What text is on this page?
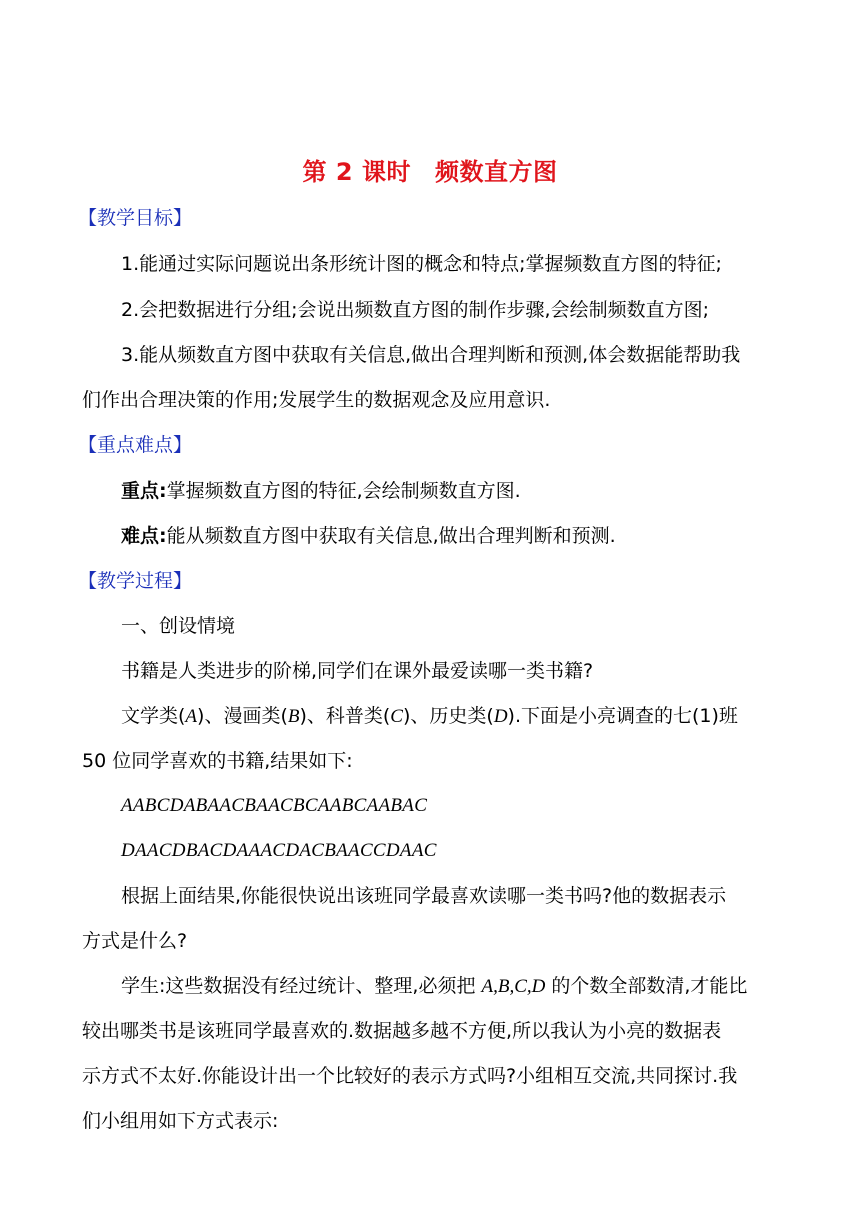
第 2 课时 频数直方图
【教学目标】
1.能通过实际问题说出条形统计图的概念和特点;掌握频数直方图的特征;
2.会把数据进行分组;会说出频数直方图的制作步骤,会绘制频数直方图;
3.能从频数直方图中获取有关信息,做出合理判断和预测,体会数据能帮助我
们作出合理决策的作用;发展学生的数据观念及应用意识.
【重点难点】
重点:掌握频数直方图的特征,会绘制频数直方图.
难点:能从频数直方图中获取有关信息,做出合理判断和预测.
【教学过程】
一、创设情境
书籍是人类进步的阶梯,同学们在课外最爱读哪一类书籍?
文学类(A)、漫画类(B)、科普类(C)、历史类(D).下面是小亮调查的七(1)班
50 位同学喜欢的书籍,结果如下:
AABCDABAACBAACBCAABCAABAC
DAACDBACDAAACDACBAACCDAAC
根据上面结果,你能很快说出该班同学最喜欢读哪一类书吗?他的数据表示
方式是什么?
学生:这些数据没有经过统计、整理,必须把 A,B,C,D 的个数全部数清,才能比
较出哪类书是该班同学最喜欢的.数据越多越不方便,所以我认为小亮的数据表
示方式不太好.你能设计出一个比较好的表示方式吗?小组相互交流,共同探讨.我
们小组用如下方式表示:
